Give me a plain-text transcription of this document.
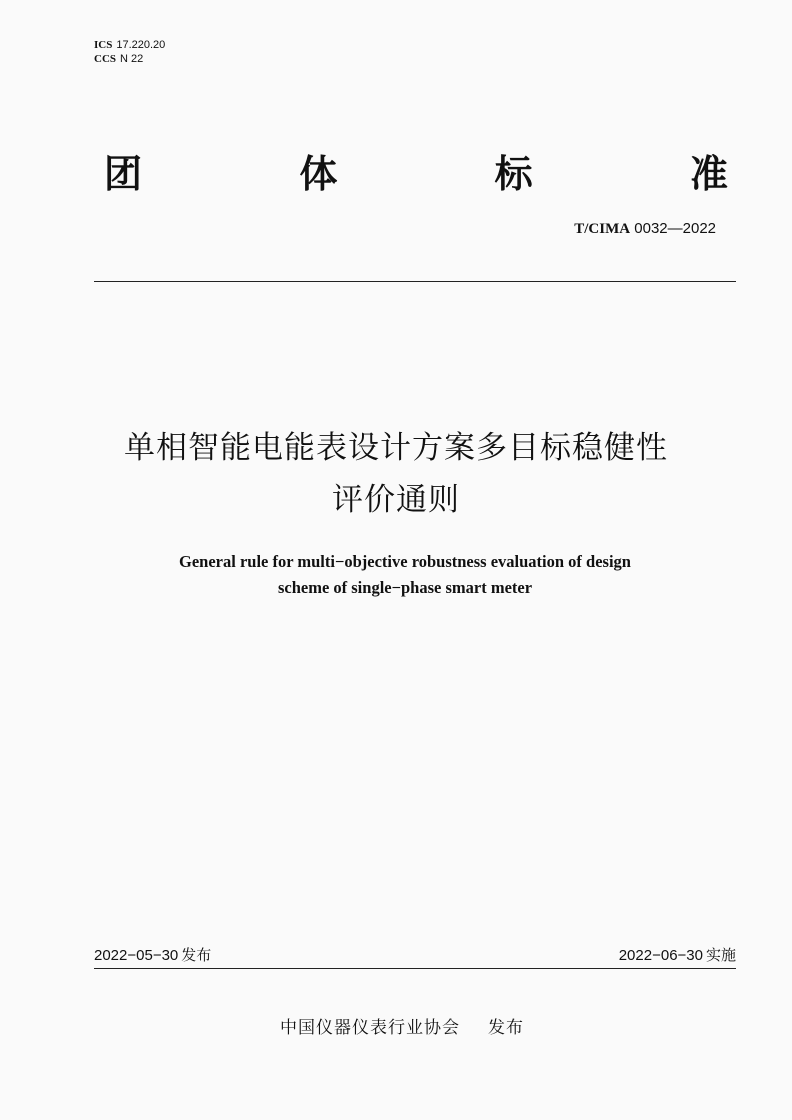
ICS 17.220.20
CCS N 22
团	体	标	准
T/CIMA 0032—2022
单相智能电能表设计方案多目标稳健性
评价通则
General rule for multi−objective robustness evaluation of design
scheme of single−phase smart meter
2022−05−30 发布	2022−06−30 实施
中国仪器仪表行业协会 发布
